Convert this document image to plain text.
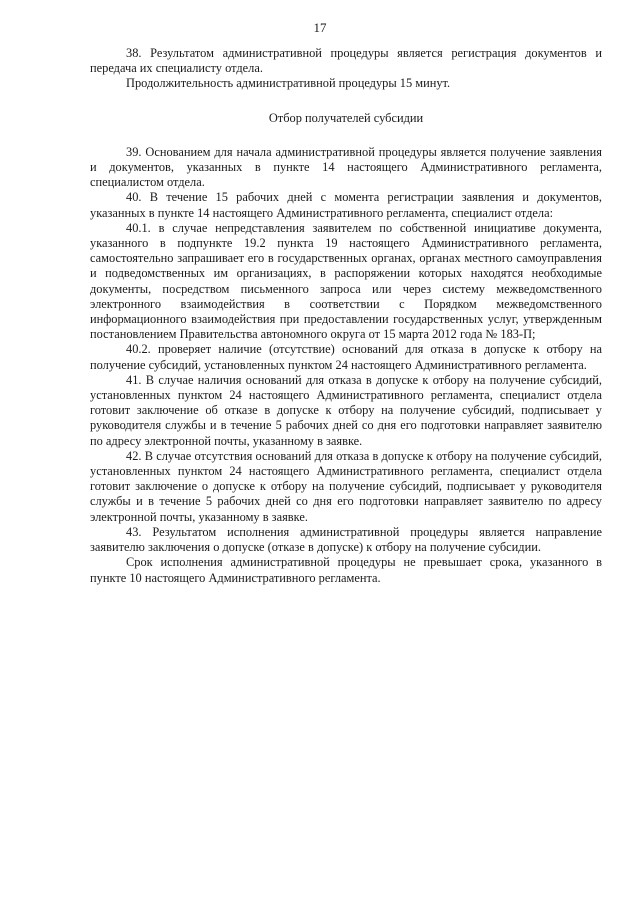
17

38. Результатом административной процедуры является регистрация документов и передача их специалисту отдела.

Продолжительность административной процедуры 15 минут.

Отбор получателей субсидии

39. Основанием для начала административной процедуры является получение заявления и документов, указанных в пункте 14 настоящего Административного регламента, специалистом отдела.

40. В течение 15 рабочих дней с момента регистрации заявления и документов, указанных в пункте 14 настоящего Административного регламента, специалист отдела:

40.1. в случае непредставления заявителем по собственной инициативе документа, указанного в подпункте 19.2 пункта 19 настоящего Административного регламента, самостоятельно запрашивает его в государственных органах, органах местного самоуправления и подведомственных им организациях, в распоряжении которых находятся необходимые документы, посредством письменного запроса или через систему межведомственного электронного взаимодействия в соответствии с Порядком межведомственного информационного взаимодействия при предоставлении государственных услуг, утвержденным постановлением Правительства автономного округа от 15 марта 2012 года № 183-П;

40.2. проверяет наличие (отсутствие) оснований для отказа в допуске к отбору на получение субсидий, установленных пунктом 24 настоящего Административного регламента.

41. В случае наличия оснований для отказа в допуске к отбору на получение субсидий, установленных пунктом 24 настоящего Административного регламента, специалист отдела готовит заключение об отказе в допуске к отбору на получение субсидий, подписывает у руководителя службы и в течение 5 рабочих дней со дня его подготовки направляет заявителю по адресу электронной почты, указанному в заявке.

42. В случае отсутствия оснований для отказа в допуске к отбору на получение субсидий, установленных пунктом 24 настоящего Административного регламента, специалист отдела готовит заключение о допуске к отбору на получение субсидий, подписывает у руководителя службы и в течение 5 рабочих дней со дня его подготовки направляет заявителю по адресу электронной почты, указанному в заявке.

43. Результатом исполнения административной процедуры является направление заявителю заключения о допуске (отказе в допуске) к отбору на получение субсидии.

Срок исполнения административной процедуры не превышает срока, указанного в пункте 10 настоящего Административного регламента.
